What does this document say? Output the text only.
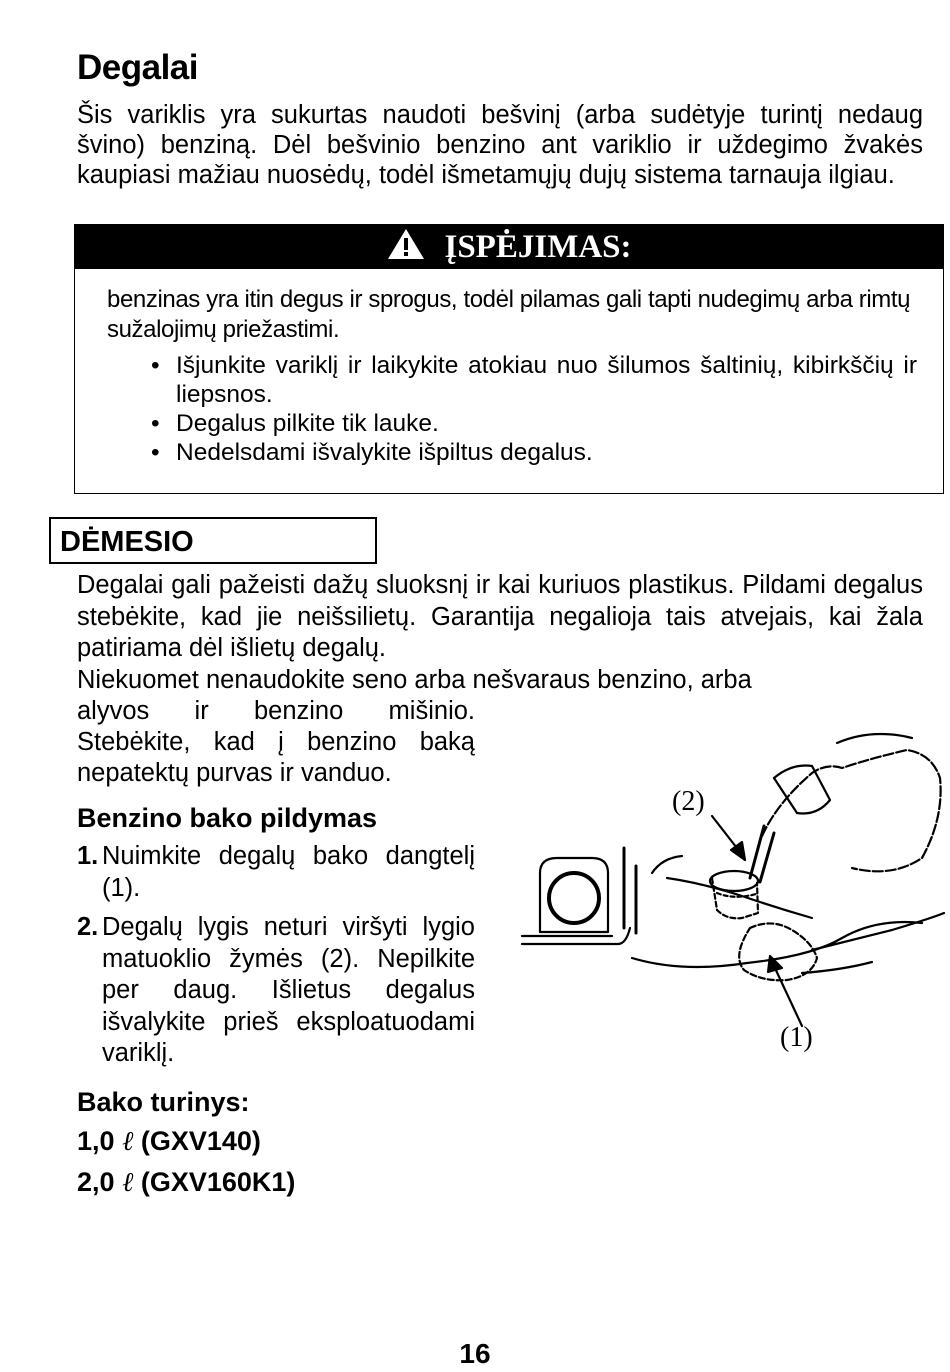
Degalai
Šis variklis yra sukurtas naudoti bešvinį (arba sudėtyje turintį nedaug švino) benziną. Dėl bešvinio benzino ant variklio ir uždegimo žvakės kaupiasi mažiau nuosėdų, todėl išmetamųjų dujų sistema tarnauja ilgiau.
ĮSPĖJIMAS:
benzinas yra itin degus ir sprogus, todėl pilamas gali tapti nudegimų arba rimtų sužalojimų priežastimi.
• Išjunkite variklį ir laikykite atokiau nuo šilumos šaltinių, kibirkščių ir liepsnos.
• Degalus pilkite tik lauke.
• Nedelsdami išvalykite išpiltus degalus.
DĖMESIO
Degalai gali pažeisti dažų sluoksnį ir kai kuriuos plastikus. Pildami degalus stebėkite, kad jie neišsilietų. Garantija negalioja tais atvejais, kai žala patiriama dėl išlietų degalų.
Niekuomet nenaudokite seno arba nešvaraus benzino, arba
alyvos ir benzino mišinio. Stebėkite, kad į benzino baką nepatektų purvas ir vanduo.
Benzino bako pildymas
1. Nuimkite degalų bako dangtelį (1).
2. Degalų lygis neturi viršyti lygio matuoklio žymės (2). Nepilkite per daug. Išlietus degalus išvalykite prieš eksploatuodami variklį.
Bako turinys:
1,0 ℓ (GXV140)
2,0 ℓ (GXV160K1)
(2)
(1)
16
